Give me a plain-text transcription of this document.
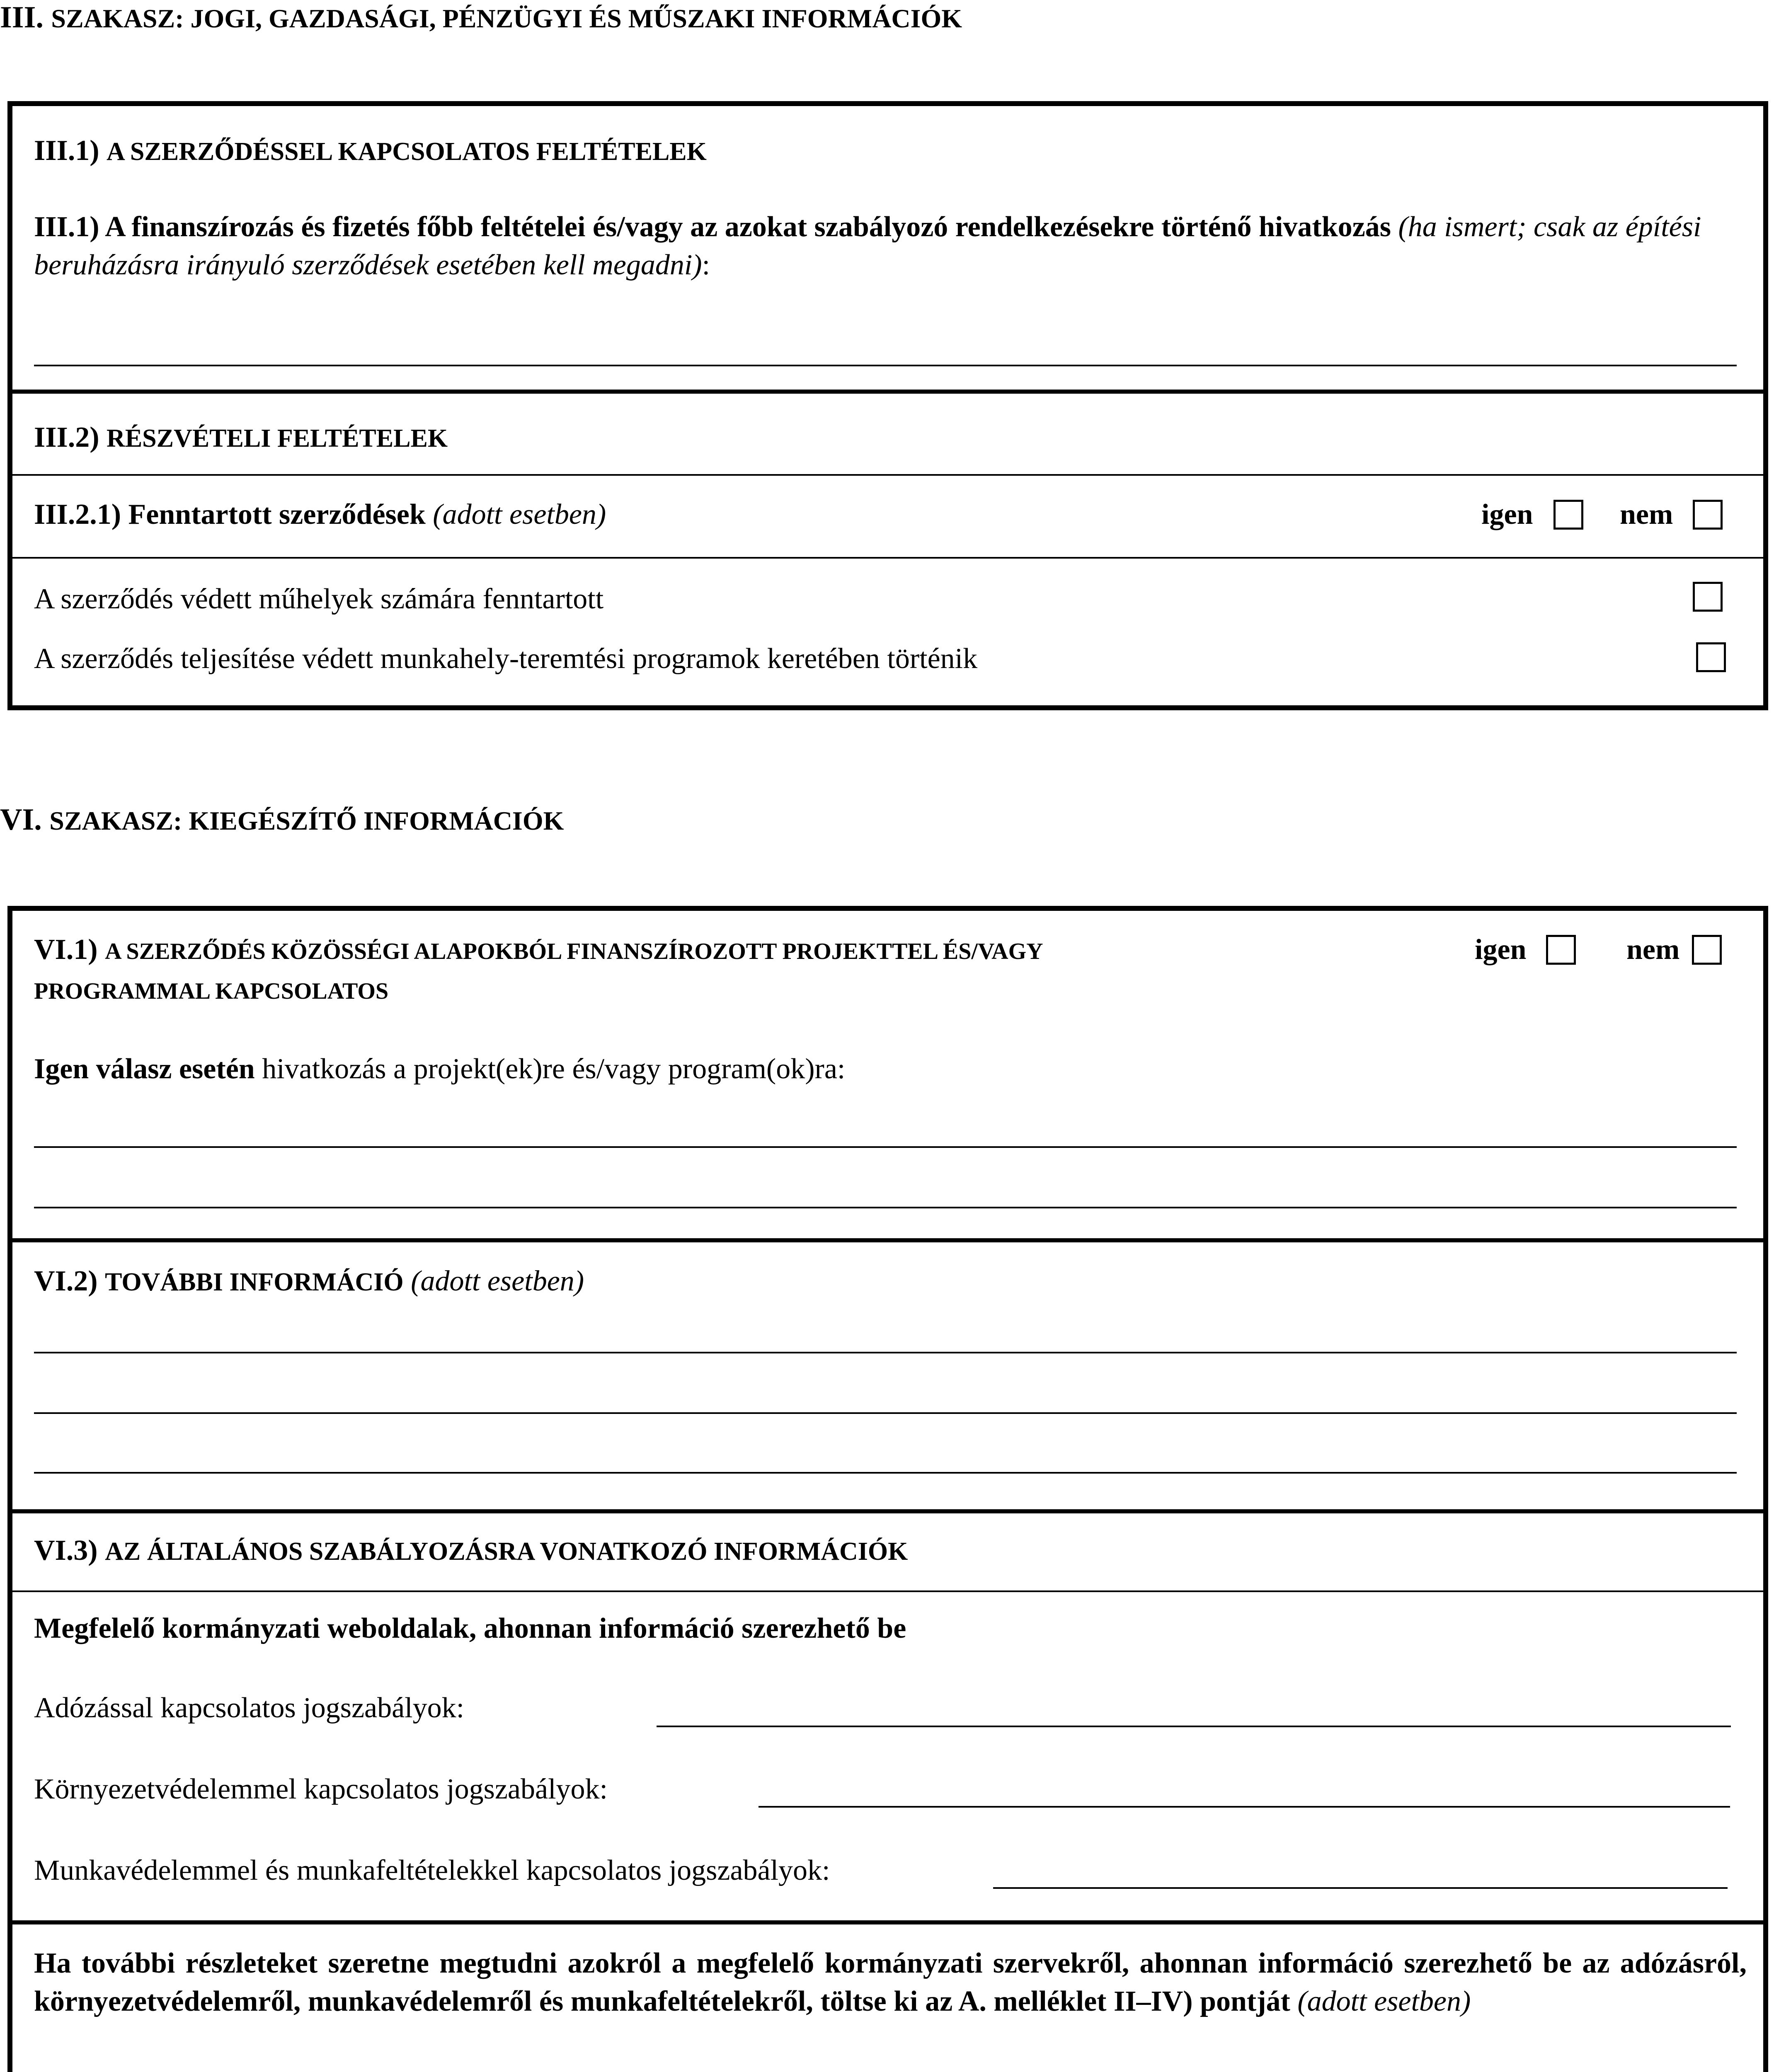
III. SZAKASZ: JOGI, GAZDASÁGI, PÉNZÜGYI ÉS MŰSZAKI INFORMÁCIÓK
III.1) A SZERZŐDÉSSEL KAPCSOLATOS FELTÉTELEK
III.1) A finanszírozás és fizetés főbb feltételei és/vagy az azokat szabályozó rendelkezésekre történő hivatkozás (ha ismert; csak az építési beruházásra irányuló szerződések esetében kell megadni):
III.2) RÉSZVÉTELI FELTÉTELEK
III.2.1) Fenntartott szerződések (adott esetben)	igen	nem
A szerződés védett műhelyek számára fenntartott
A szerződés teljesítése védett munkahely-teremtési programok keretében történik
VI. SZAKASZ: KIEGÉSZÍTŐ INFORMÁCIÓK
VI.1) A SZERZŐDÉS KÖZÖSSÉGI ALAPOKBÓL FINANSZÍROZOTT PROJEKTTEL ÉS/VAGY
PROGRAMMAL KAPCSOLATOS
igen	nem
Igen válasz esetén hivatkozás a projekt(ek)re és/vagy program(ok)ra:
VI.2) TOVÁBBI INFORMÁCIÓ (adott esetben)
VI.3) AZ ÁLTALÁNOS SZABÁLYOZÁSRA VONATKOZÓ INFORMÁCIÓK
Megfelelő kormányzati weboldalak, ahonnan információ szerezhető be
Adózással kapcsolatos jogszabályok:
Környezetvédelemmel kapcsolatos jogszabályok:
Munkavédelemmel és munkafeltételekkel kapcsolatos jogszabályok:
Ha további részleteket szeretne megtudni azokról a megfelelő kormányzati szervekről, ahonnan információ szerezhető be az adózásról, környezetvédelemről, munkavédelemről és munkafeltételekről, töltse ki az A. melléklet II–IV) pontját (adott esetben)
